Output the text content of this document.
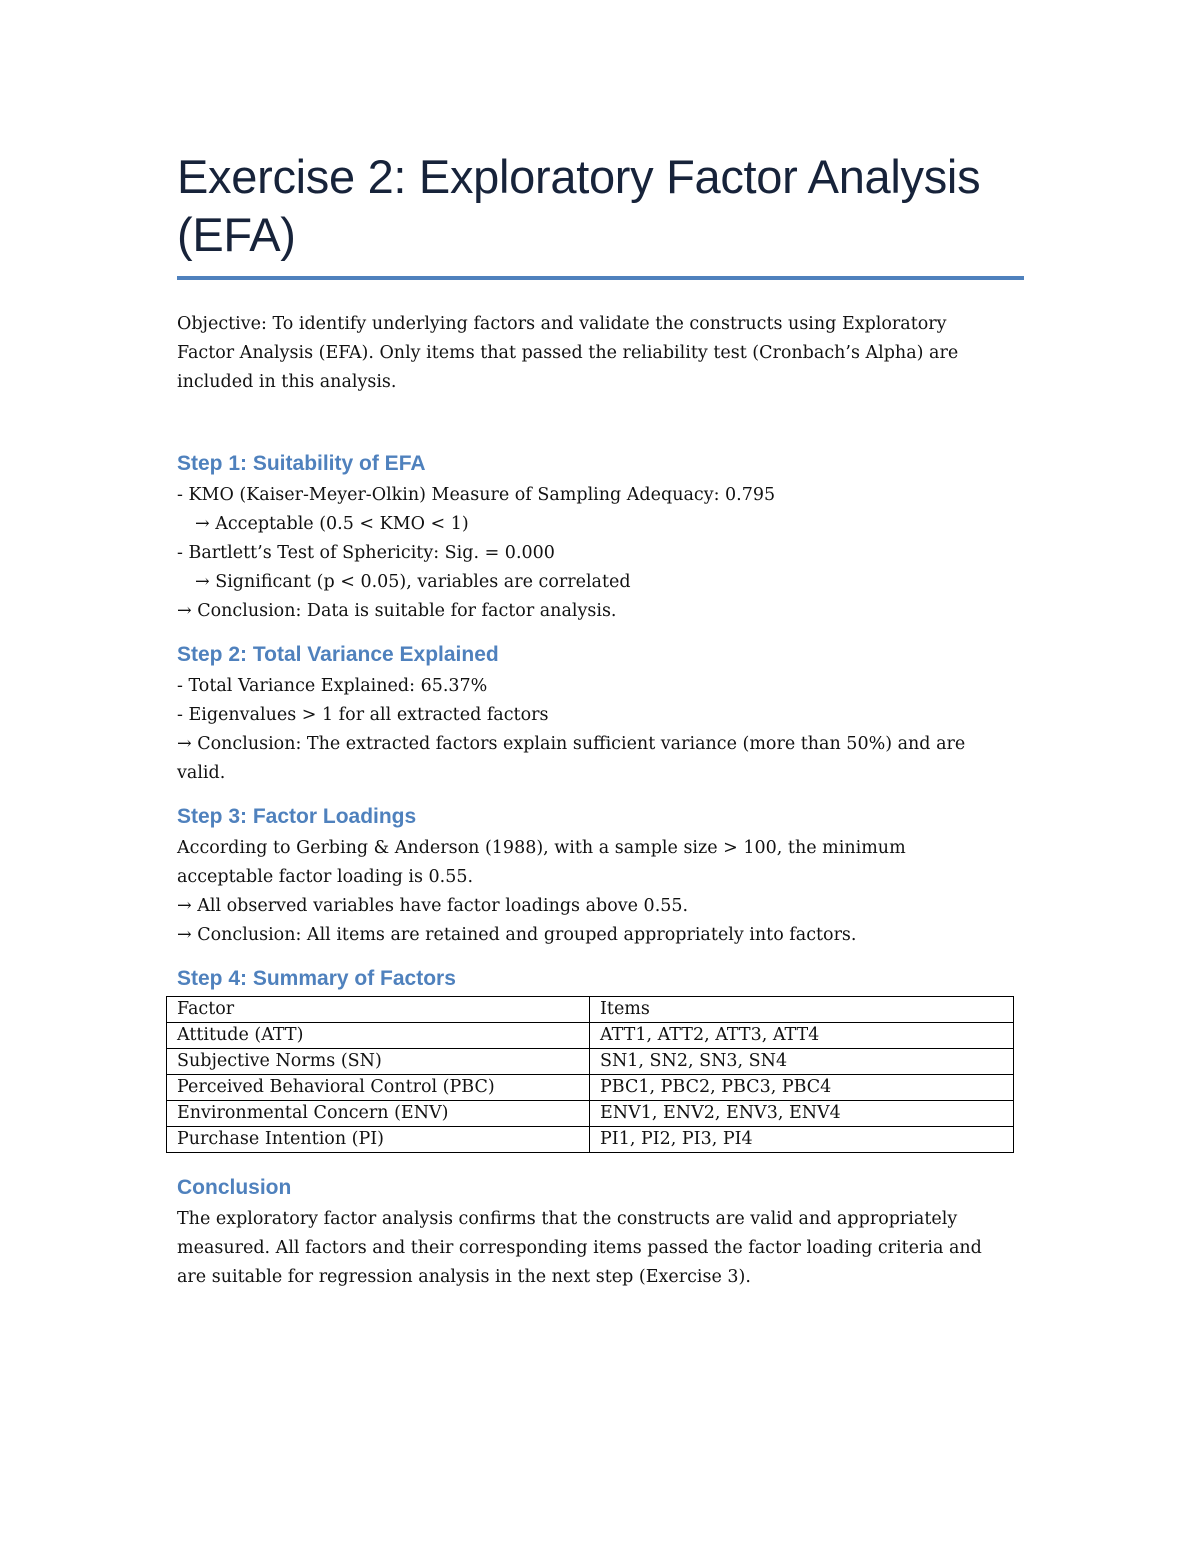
Exercise 2: Exploratory Factor Analysis
(EFA)

Objective: To identify underlying factors and validate the constructs using Exploratory Factor Analysis (EFA). Only items that passed the reliability test (Cronbach’s Alpha) are included in this analysis.

Step 1: Suitability of EFA

- KMO (Kaiser-Meyer-Olkin) Measure of Sampling Adequacy: 0.795

→ Acceptable (0.5 < KMO < 1)

- Bartlett’s Test of Sphericity: Sig. = 0.000

→ Significant (p < 0.05), variables are correlated

→ Conclusion: Data is suitable for factor analysis.

Step 2: Total Variance Explained

- Total Variance Explained: 65.37%

- Eigenvalues > 1 for all extracted factors

→ Conclusion: The extracted factors explain sufficient variance (more than 50%) and are valid.

Step 3: Factor Loadings

According to Gerbing & Anderson (1988), with a sample size > 100, the minimum acceptable factor loading is 0.55.

→ All observed variables have factor loadings above 0.55.

→ Conclusion: All items are retained and grouped appropriately into factors.

Step 4: Summary of Factors
Factor	Items
Attitude (ATT)	ATT1, ATT2, ATT3, ATT4
Subjective Norms (SN)	SN1, SN2, SN3, SN4
Perceived Behavioral Control (PBC)	PBC1, PBC2, PBC3, PBC4
Environmental Concern (ENV)	ENV1, ENV2, ENV3, ENV4
Purchase Intention (PI)	PI1, PI2, PI3, PI4
Conclusion

The exploratory factor analysis confirms that the constructs are valid and appropriately measured. All factors and their corresponding items passed the factor loading criteria and are suitable for regression analysis in the next step (Exercise 3).
